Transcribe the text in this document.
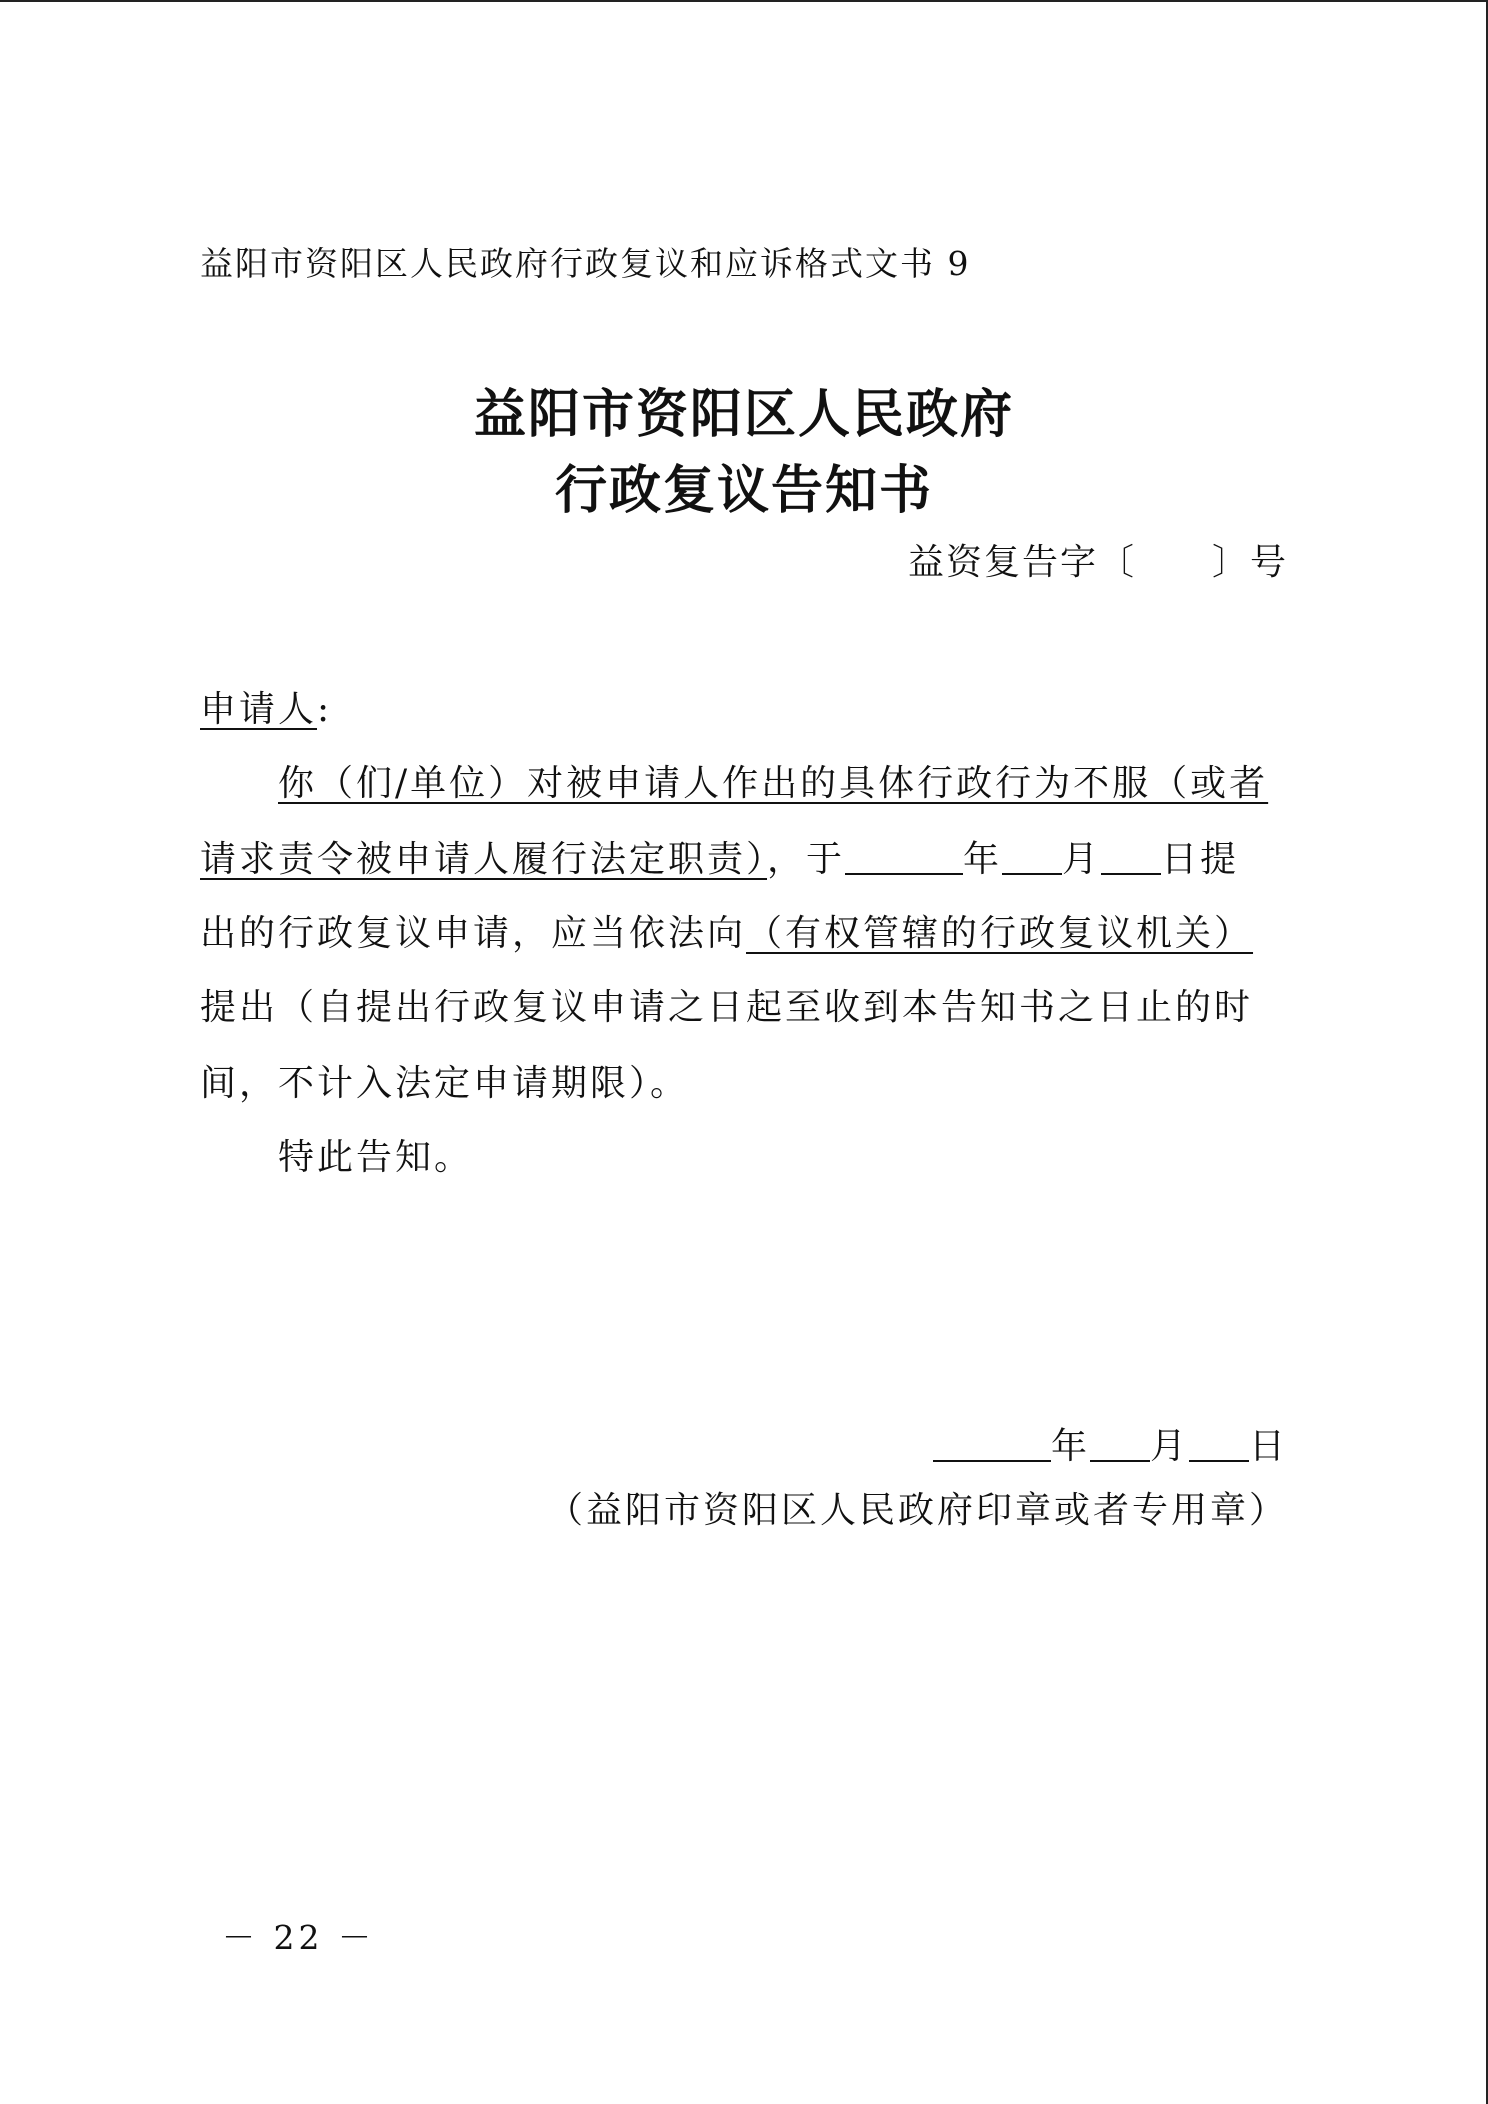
益阳市资阳区人民政府行政复议和应诉格式文书 9
益阳市资阳区人民政府
行政复议告知书
益资复告字〔　　〕号
申请人:
你（们/单位）对被申请人作出的具体行政行为不服（或者
请求责令被申请人履行法定职责），于	年 月 日提
出的行政复议申请，应当依法向（有权管辖的行政复议机关）
提出（自提出行政复议申请之日起至收到本告知书之日止的时
间，不计入法定申请期限）。
特此告知。
年 月 日
（益阳市资阳区人民政府印章或者专用章）
－ 22 －
